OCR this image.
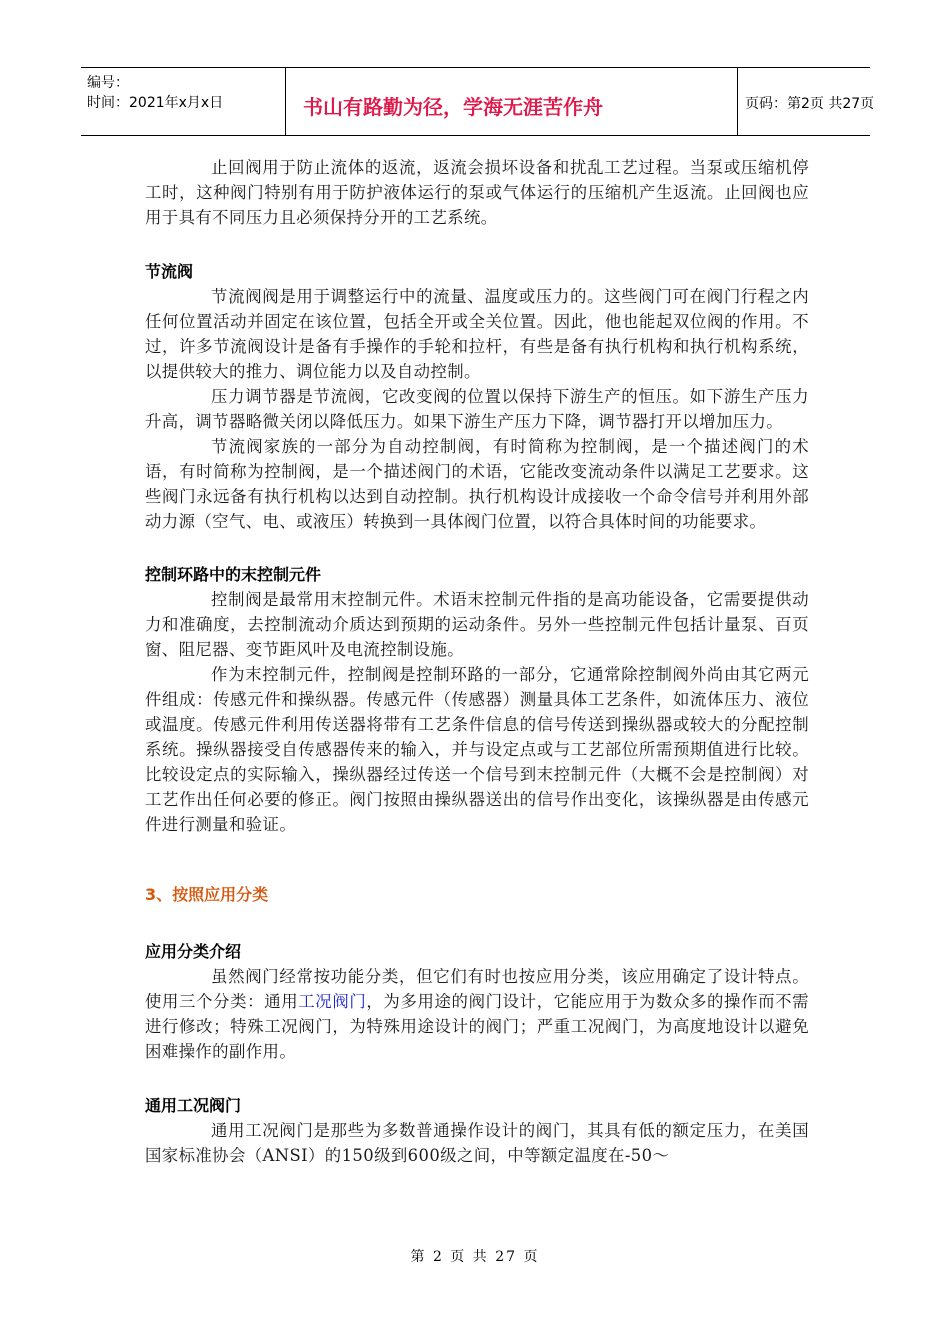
编号：
时间：2021年x月x日	书山有路勤为径，学海无涯苦作舟	页码：第2页 共27页

止回阀用于防止流体的返流，返流会损坏设备和扰乱工艺过程。当泵或压缩机停工时，这种阀门特别有用于防护液体运行的泵或气体运行的压缩机产生返流。止回阀也应用于具有不同压力且必须保持分开的工艺系统。

节流阀

节流阀阀是用于调整运行中的流量、温度或压力的。这些阀门可在阀门行程之内任何位置活动并固定在该位置，包括全开或全关位置。因此，他也能起双位阀的作用。不过，许多节流阀设计是备有手操作的手轮和拉杆，有些是备有执行机构和执行机构系统，以提供较大的推力、调位能力以及自动控制。

压力调节器是节流阀，它改变阀的位置以保持下游生产的恒压。如下游生产压力升高，调节器略微关闭以降低压力。如果下游生产压力下降，调节器打开以增加压力。

节流阀家族的一部分为自动控制阀，有时简称为控制阀，是一个描述阀门的术语，有时简称为控制阀，是一个描述阀门的术语，它能改变流动条件以满足工艺要求。这些阀门永远备有执行机构以达到自动控制。执行机构设计成接收一个命令信号并利用外部动力源（空气、电、或液压）转换到一具体阀门位置，以符合具体时间的功能要求。

控制环路中的末控制元件

控制阀是最常用末控制元件。术语末控制元件指的是高功能设备，它需要提供动力和准确度，去控制流动介质达到预期的运动条件。另外一些控制元件包括计量泵、百页窗、阻尼器、变节距风叶及电流控制设施。

作为末控制元件，控制阀是控制环路的一部分，它通常除控制阀外尚由其它两元件组成：传感元件和操纵器。传感元件（传感器）测量具体工艺条件，如流体压力、液位或温度。传感元件利用传送器将带有工艺条件信息的信号传送到操纵器或较大的分配控制系统。操纵器接受自传感器传来的输入，并与设定点或与工艺部位所需预期值进行比较。比较设定点的实际输入，操纵器经过传送一个信号到末控制元件（大概不会是控制阀）对工艺作出任何必要的修正。阀门按照由操纵器送出的信号作出变化，该操纵器是由传感元件进行测量和验证。

3、按照应用分类
应用分类介绍

虽然阀门经常按功能分类，但它们有时也按应用分类，该应用确定了设计特点。使用三个分类：通用工况阀门，为多用途的阀门设计，它能应用于为数众多的操作而不需进行修改；特殊工况阀门，为特殊用途设计的阀门；严重工况阀门，为高度地设计以避免困难操作的副作用。

通用工况阀门

通用工况阀门是那些为多数普通操作设计的阀门，其具有低的额定压力，在美国国家标准协会（ANSI）的150级到600级之间，中等额定温度在-50～

第 2 页 共 27 页
